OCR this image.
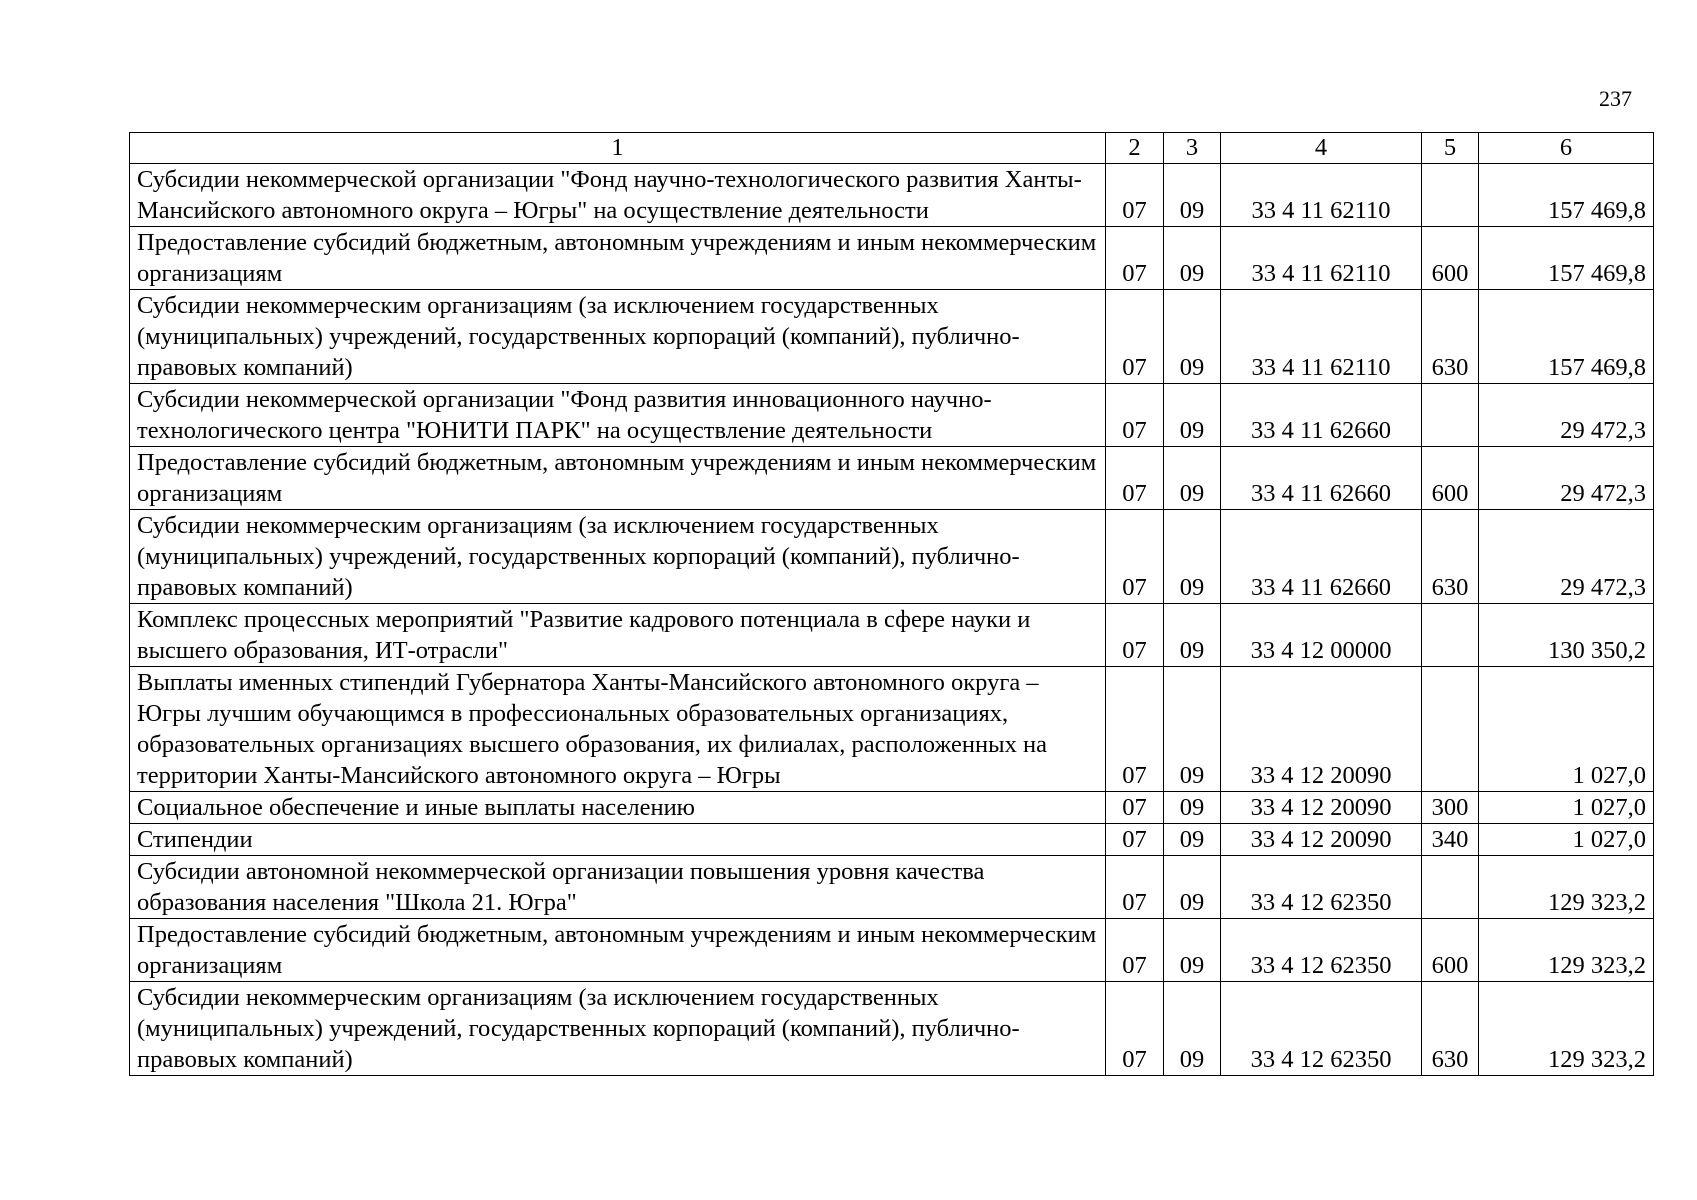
237
1	2	3	4	5	6
Субсидии некоммерческой организации "Фонд научно-технологического развития Ханты-Мансийского автономного округа – Югры" на осуществление деятельности	07	09	33 4 11 62110		157 469,8
Предоставление субсидий бюджетным, автономным учреждениям и иным некоммерческим организациям	07	09	33 4 11 62110	600	157 469,8
Субсидии некоммерческим организациям (за исключением государственных (муниципальных) учреждений, государственных корпораций (компаний), публично-правовых компаний)	07	09	33 4 11 62110	630	157 469,8
Субсидии некоммерческой организации "Фонд развития инновационного научно-технологического центра "ЮНИТИ ПАРК" на осуществление деятельности	07	09	33 4 11 62660		29 472,3
Предоставление субсидий бюджетным, автономным учреждениям и иным некоммерческим организациям	07	09	33 4 11 62660	600	29 472,3
Субсидии некоммерческим организациям (за исключением государственных (муниципальных) учреждений, государственных корпораций (компаний), публично-правовых компаний)	07	09	33 4 11 62660	630	29 472,3
Комплекс процессных мероприятий "Развитие кадрового потенциала в сфере науки и высшего образования, ИТ-отрасли"	07	09	33 4 12 00000		130 350,2
Выплаты именных стипендий Губернатора Ханты-Мансийского автономного округа – Югры лучшим обучающимся в профессиональных образовательных организациях, образовательных организациях высшего образования, их филиалах, расположенных на территории Ханты-Мансийского автономного округа – Югры	07	09	33 4 12 20090		1 027,0
Социальное обеспечение и иные выплаты населению	07	09	33 4 12 20090	300	1 027,0
Стипендии	07	09	33 4 12 20090	340	1 027,0
Субсидии автономной некоммерческой организации повышения уровня качества образования населения "Школа 21. Югра"	07	09	33 4 12 62350		129 323,2
Предоставление субсидий бюджетным, автономным учреждениям и иным некоммерческим организациям	07	09	33 4 12 62350	600	129 323,2
Субсидии некоммерческим организациям (за исключением государственных (муниципальных) учреждений, государственных корпораций (компаний), публично-правовых компаний)	07	09	33 4 12 62350	630	129 323,2
